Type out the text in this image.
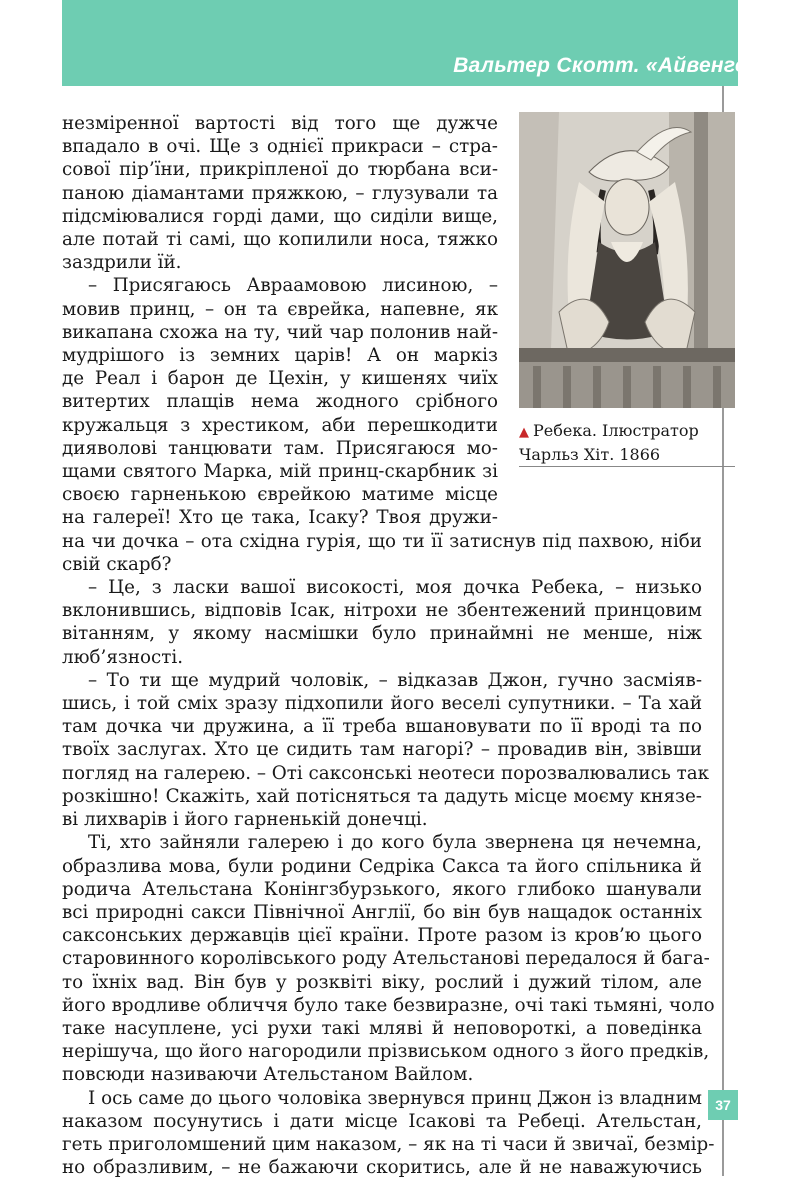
Вальтер Скотт. «Айвенго»
▲ Ребека. Ілюстратор
Чарльз Хіт. 1866

незміренної вартості від того ще дужче
впадало в очі. Ще з однієї прикраси – стра-
сової пір’їни, прикріпленої до тюрбана вси-
паною діамантами пряжкою, – глузували та
підсміювалися горді дами, що сиділи вище,
але потай ті самі, що копилили носа, тяжко
заздрили їй.

– Присягаюсь Авраамовою лисиною, –
мовив принц, – он та єврейка, напевне, як
викапана схожа на ту, чий чар полонив най-
мудрішого із земних царів! А он маркіз
де Реал і барон де Цехін, у кишенях чиїх
витертих плащів нема жодного срібного
кружальця з хрестиком, аби перешкодити
дияволові танцювати там. Присягаюся мо-
щами святого Марка, мій принц-скарбник зі
своєю гарненькою єврейкою матиме місце
на галереї! Хто це така, Ісаку? Твоя дружи-
на чи дочка – ота східна гурія, що ти її затиснув під пахвою, ніби
свій скарб?

– Це, з ласки вашої високості, моя дочка Ребека, – низько
вклонившись, відповів Ісак, нітрохи не збентежений принцовим
вітанням, у якому насмішки було принаймні не менше, ніж
люб’язності.

– То ти ще мудрий чоловік, – відказав Джон, гучно засміяв-
шись, і той сміх зразу підхопили його веселі супутники. – Та хай
там дочка чи дружина, а її треба вшановувати по її вроді та по
твоїх заслугах. Хто це сидить там нагорі? – провадив він, звівши
погляд на галерею. – Оті саксонські неотеси порозвалювались так
розкішно! Скажіть, хай потісняться та дадуть місце моєму князе-
ві лихварів і його гарненькій донечці.

Ті, хто зайняли галерею і до кого була звернена ця нечемна,
образлива мова, були родини Седріка Сакса та його спільника й
родича Ательстана Конінгзбурзького, якого глибоко шанували
всі природні сакси Північної Англії, бо він був нащадок останніх
саксонських державців цієї країни. Проте разом із кров’ю цього
старовинного королівського роду Ательстанові передалося й бага-
то їхніх вад. Він був у розквіті віку, рослий і дужий тілом, але
його вродливе обличчя було таке безвиразне, очі такі тьмяні, чоло
таке насуплене, усі рухи такі мляві й неповороткі, а поведінка
нерішуча, що його нагородили прізвиськом одного з його предків,
повсюди називаючи Ательстаном Вайлом.

І ось саме до цього чоловіка звернувся принц Джон із владним
наказом посунутись і дати місце Ісакові та Ребеці. Ательстан,
геть приголомшений цим наказом, – як на ті часи й звичаї, безмір-
но образливим, – не бажаючи скоритись, але й не наважуючись

37
